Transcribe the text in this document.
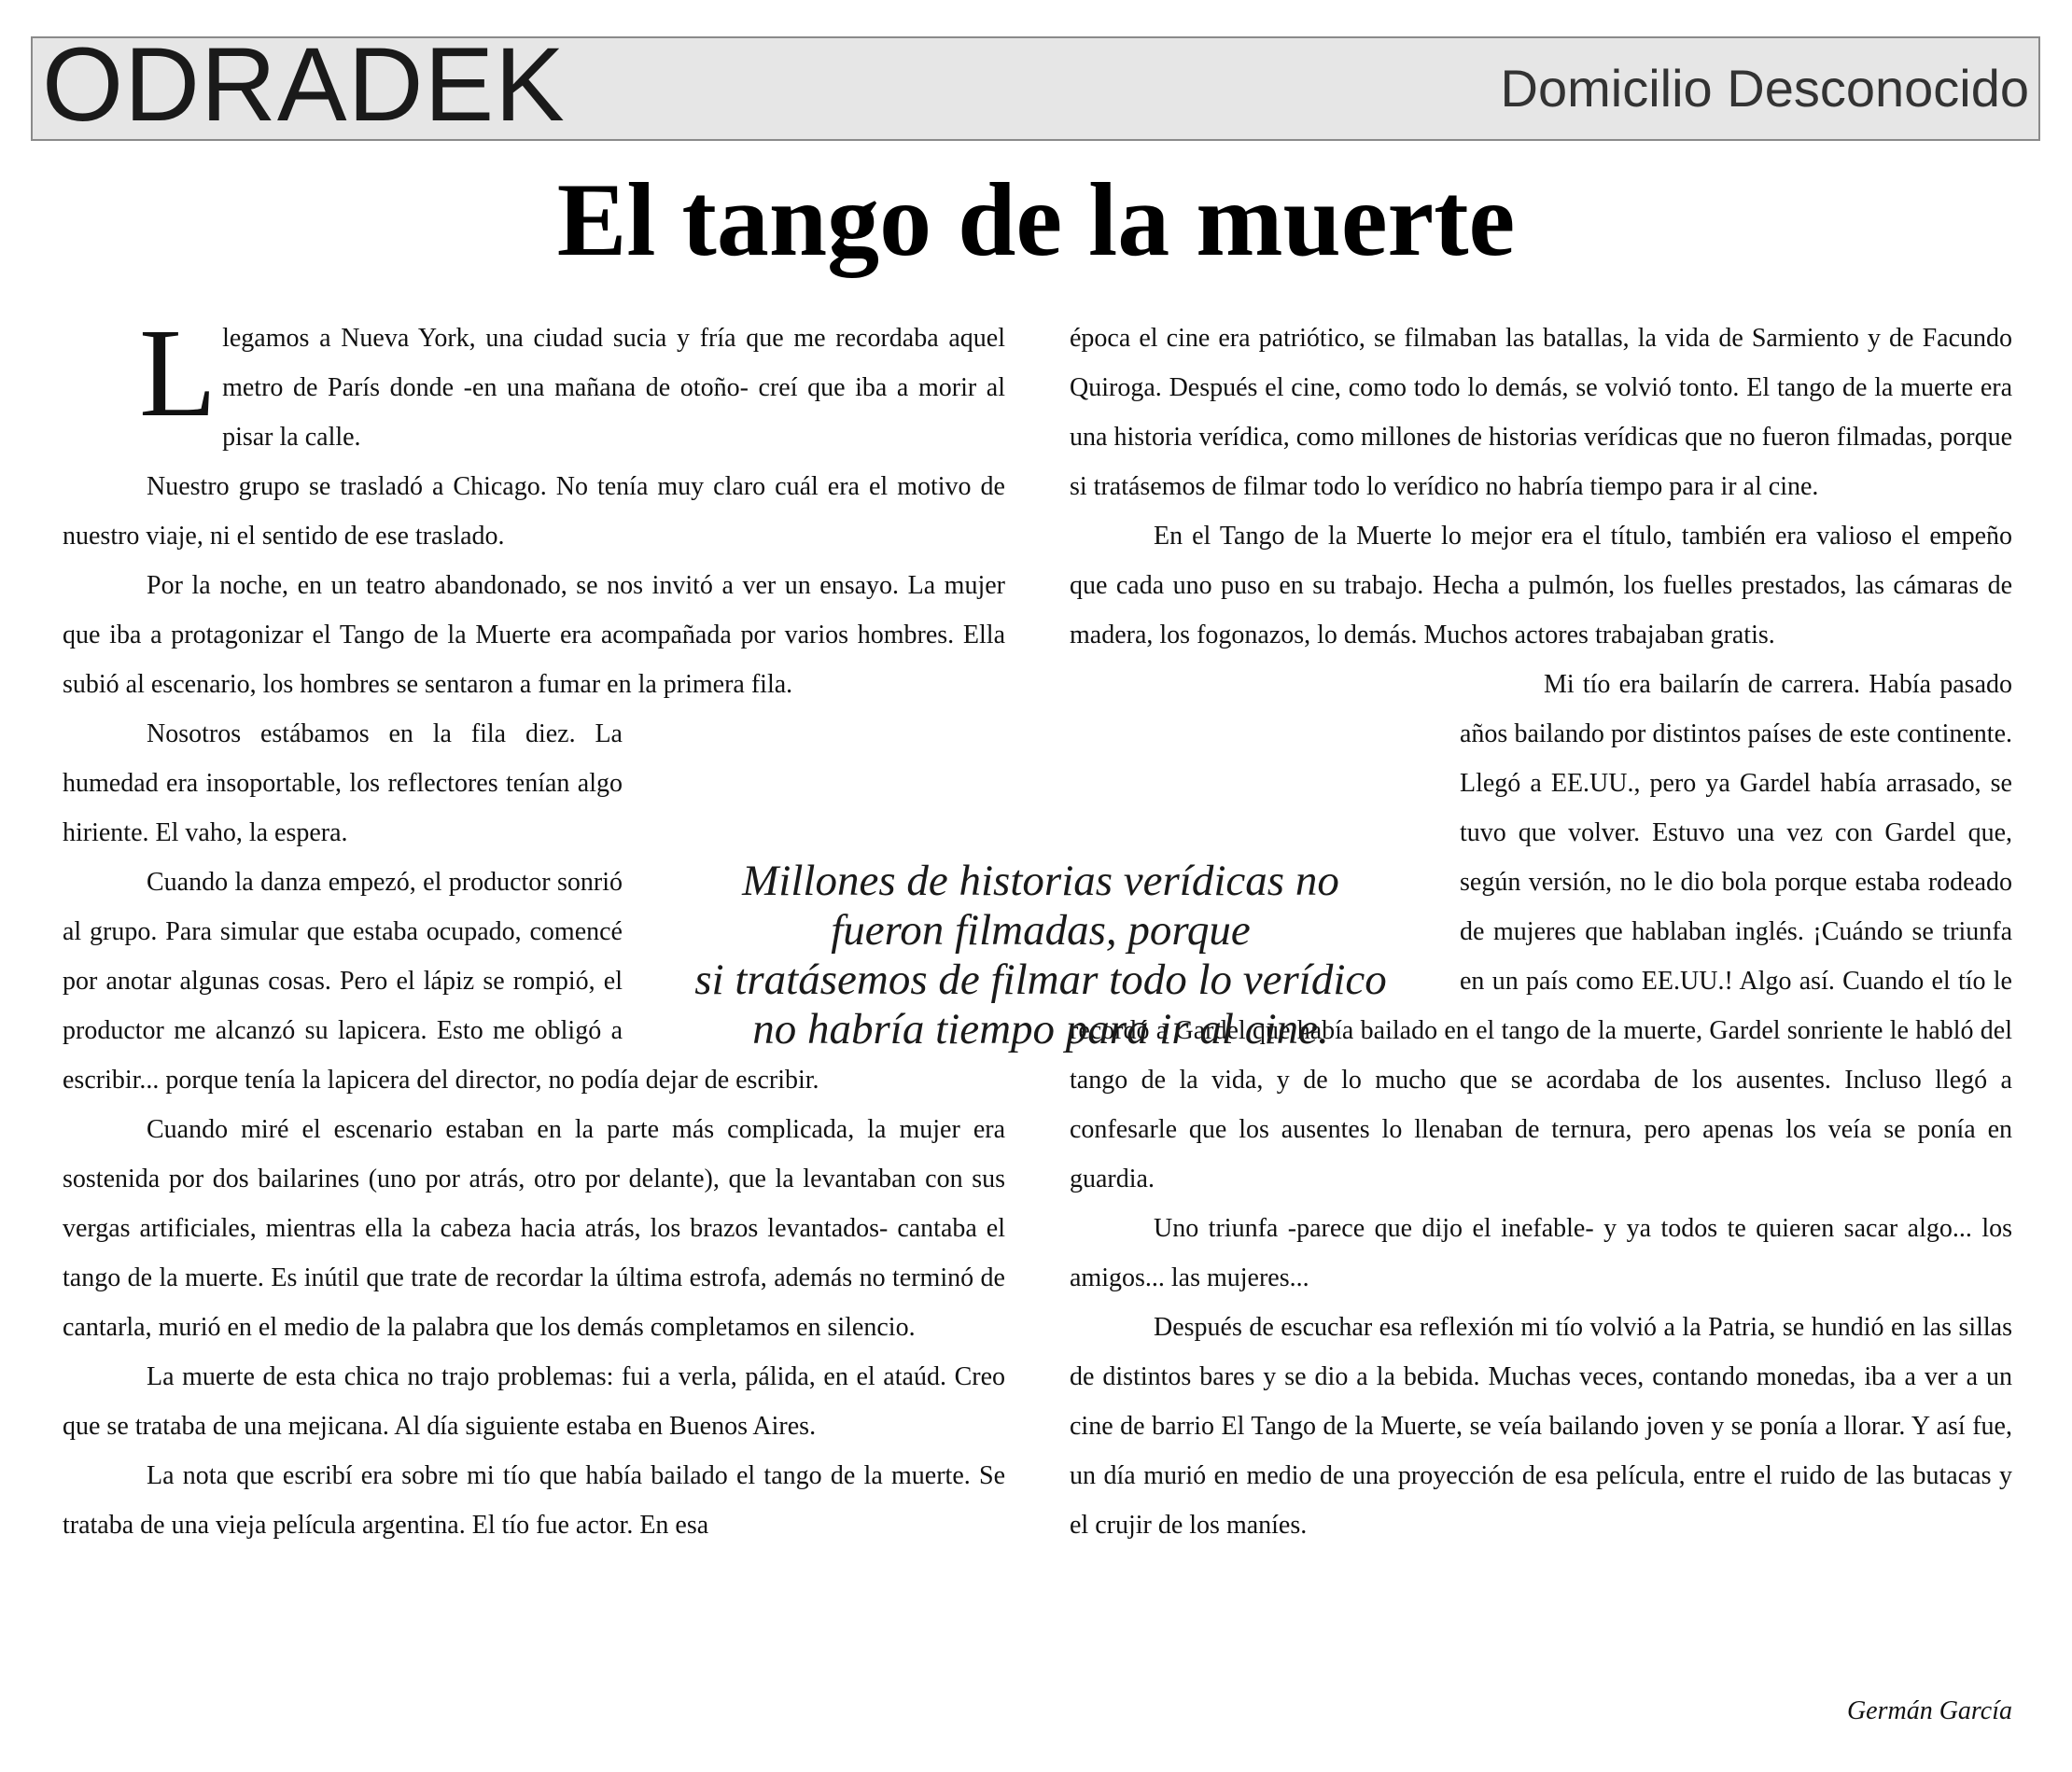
ODRADEK	Domicilio Desconocido
El tango de la muerte

Llegamos a Nueva York, una ciudad sucia y fría que me recordaba aquel metro de París donde -en una mañana de otoño- creí que iba a morir al pisar la calle.

Nuestro grupo se trasladó a Chicago. No tenía muy claro cuál era el motivo de nuestro viaje, ni el sentido de ese traslado.

Por la noche, en un teatro abandonado, se nos invitó a ver un ensayo. La mujer que iba a protagonizar el Tango de la Muerte era acompañada por varios hombres. Ella subió al escenario, los hombres se sentaron a fumar en la primera fila.

Nosotros estábamos en la fila diez. La humedad era insoportable, los reflectores tenían algo hiriente. El vaho, la espera.

Cuando la danza empezó, el productor sonrió al grupo. Para simular que estaba ocupado, comencé por anotar algunas cosas. Pero el lápiz se rompió, el productor me alcanzó su lapicera. Esto me obligó a escribir... porque tenía la lapicera del director, no podía dejar de escribir.

Cuando miré el escenario estaban en la parte más complicada, la mujer era sostenida por dos bailarines (uno por atrás, otro por delante), que la levantaban con sus vergas artificiales, mientras ella la cabeza hacia atrás, los brazos levantados- cantaba el tango de la muerte. Es inútil que trate de recordar la última estrofa, además no terminó de cantarla, murió en el medio de la palabra que los demás completamos en silencio.

La muerte de esta chica no trajo problemas: fui a verla, pálida, en el ataúd. Creo que se trataba de una mejicana. Al día siguiente estaba en Buenos Aires.

La nota que escribí era sobre mi tío que había bailado el tango de la muerte. Se trataba de una vieja película argentina. El tío fue actor. En esa

época el cine era patriótico, se filmaban las batallas, la vida de Sarmiento y de Facundo Quiroga. Después el cine, como todo lo demás, se volvió tonto. El tango de la muerte era una historia verídica, como millones de historias verídicas que no fueron filmadas, porque si tratásemos de filmar todo lo verídico no habría tiempo para ir al cine.

En el Tango de la Muerte lo mejor era el título, también era valioso el empeño que cada uno puso en su trabajo. Hecha a pulmón, los fuelles prestados, las cámaras de madera, los fogonazos, lo demás. Muchos actores trabajaban gratis.

Mi tío era bailarín de carrera. Había pasado años bailando por distintos países de este continente. Llegó a EE.UU., pero ya Gardel había arrasado, se tuvo que volver. Estuvo una vez con Gardel que, según versión, no le dio bola porque estaba rodeado de mujeres que hablaban inglés. ¡Cuándo se triunfa en un país como EE.UU.! Algo así. Cuando el tío le recordó a Gardel que había bailado en el tango de la muerte, Gardel sonriente le habló del tango de la vida, y de lo mucho que se acordaba de los ausentes. Incluso llegó a confesarle que los ausentes lo llenaban de ternura, pero apenas los veía se ponía en guardia.

Uno triunfa -parece que dijo el inefable- y ya todos te quieren sacar algo... los amigos... las mujeres...

Después de escuchar esa reflexión mi tío volvió a la Patria, se hundió en las sillas de distintos bares y se dio a la bebida. Muchas veces, contando monedas, iba a ver a un cine de barrio El Tango de la Muerte, se veía bailando joven y se ponía a llorar. Y así fue, un día murió en medio de una proyección de esa película, entre el ruido de las butacas y el crujir de los maníes.

Millones de historias verídicas no
fueron filmadas, porque
si tratásemos de filmar todo lo verídico
no habría tiempo para ir al cine.
Germán García
